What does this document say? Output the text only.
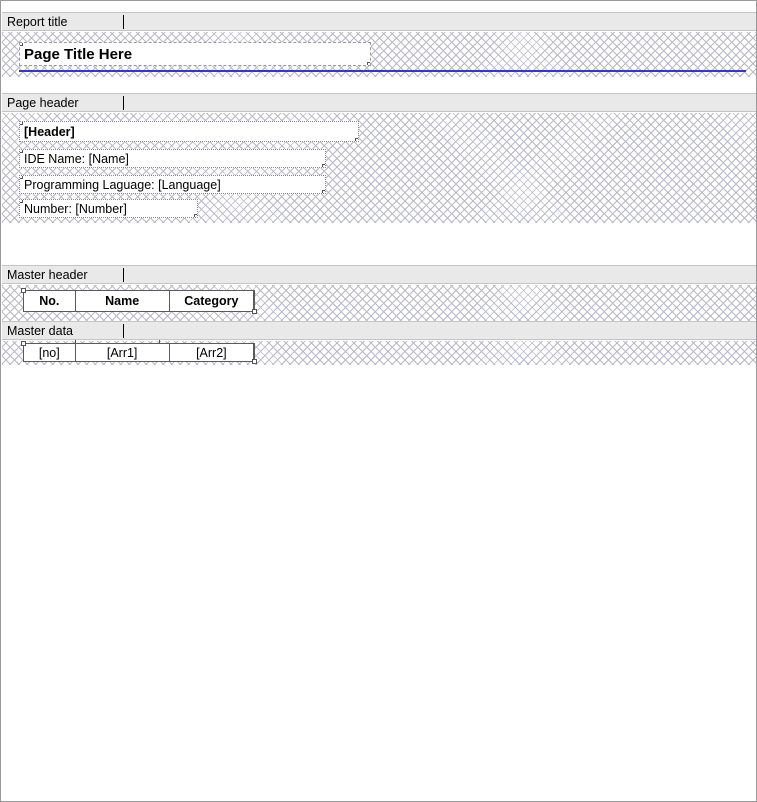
Report title
Page Title Here
Page header
[Header]
IDE Name: [Name]
Programming Laguage: [Language]
Number: [Number]
Master header
No.	Name	Category
Master data
[no]	[Arr1]	[Arr2]
